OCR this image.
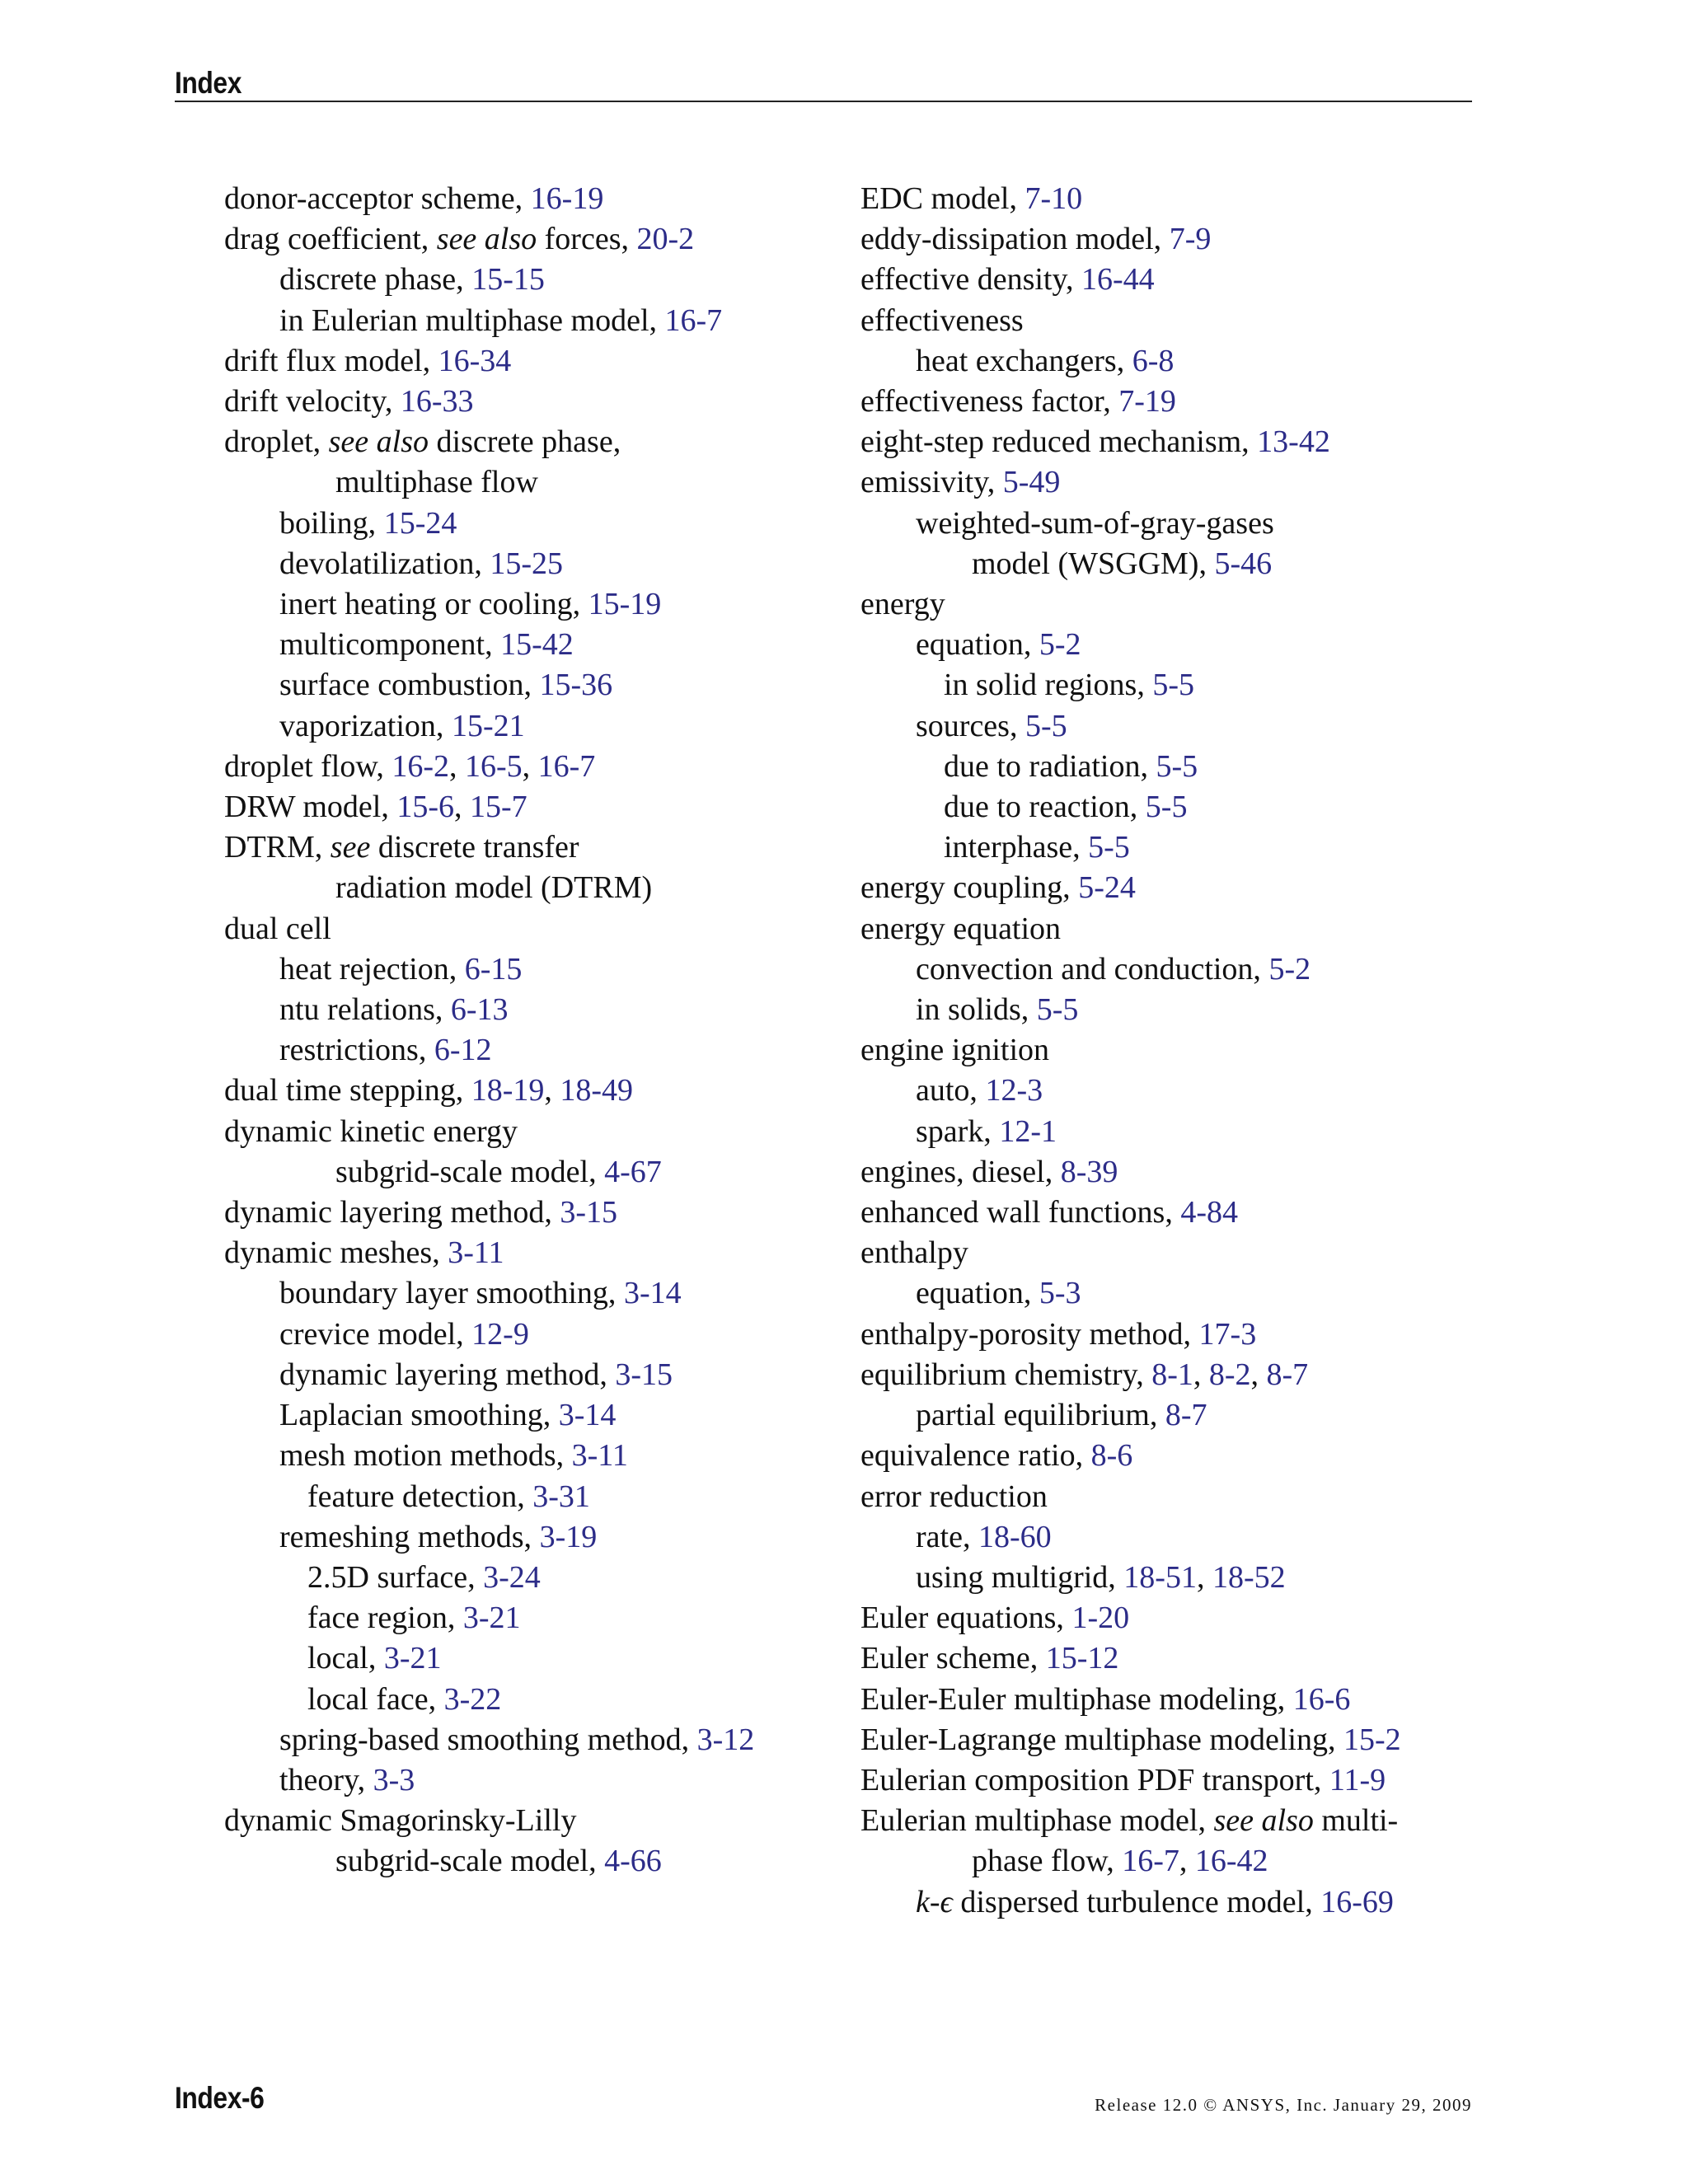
Index
donor-acceptor scheme, 16-19
drag coefficient, see also forces, 20-2
discrete phase, 15-15
in Eulerian multiphase model, 16-7
drift flux model, 16-34
drift velocity, 16-33
droplet, see also discrete phase,
multiphase flow
boiling, 15-24
devolatilization, 15-25
inert heating or cooling, 15-19
multicomponent, 15-42
surface combustion, 15-36
vaporization, 15-21
droplet flow, 16-2, 16-5, 16-7
DRW model, 15-6, 15-7
DTRM, see discrete transfer
radiation model (DTRM)
dual cell
heat rejection, 6-15
ntu relations, 6-13
restrictions, 6-12
dual time stepping, 18-19, 18-49
dynamic kinetic energy
subgrid-scale model, 4-67
dynamic layering method, 3-15
dynamic meshes, 3-11
boundary layer smoothing, 3-14
crevice model, 12-9
dynamic layering method, 3-15
Laplacian smoothing, 3-14
mesh motion methods, 3-11
feature detection, 3-31
remeshing methods, 3-19
2.5D surface, 3-24
face region, 3-21
local, 3-21
local face, 3-22
spring-based smoothing method, 3-12
theory, 3-3
dynamic Smagorinsky-Lilly
subgrid-scale model, 4-66
EDC model, 7-10
eddy-dissipation model, 7-9
effective density, 16-44
effectiveness
heat exchangers, 6-8
effectiveness factor, 7-19
eight-step reduced mechanism, 13-42
emissivity, 5-49
weighted-sum-of-gray-gases
model (WSGGM), 5-46
energy
equation, 5-2
in solid regions, 5-5
sources, 5-5
due to radiation, 5-5
due to reaction, 5-5
interphase, 5-5
energy coupling, 5-24
energy equation
convection and conduction, 5-2
in solids, 5-5
engine ignition
auto, 12-3
spark, 12-1
engines, diesel, 8-39
enhanced wall functions, 4-84
enthalpy
equation, 5-3
enthalpy-porosity method, 17-3
equilibrium chemistry, 8-1, 8-2, 8-7
partial equilibrium, 8-7
equivalence ratio, 8-6
error reduction
rate, 18-60
using multigrid, 18-51, 18-52
Euler equations, 1-20
Euler scheme, 15-12
Euler-Euler multiphase modeling, 16-6
Euler-Lagrange multiphase modeling, 15-2
Eulerian composition PDF transport, 11-9
Eulerian multiphase model, see also multi-
phase flow, 16-7, 16-42
k-ϵ dispersed turbulence model, 16-69
Index-6	Release 12.0 © ANSYS, Inc. January 29, 2009
